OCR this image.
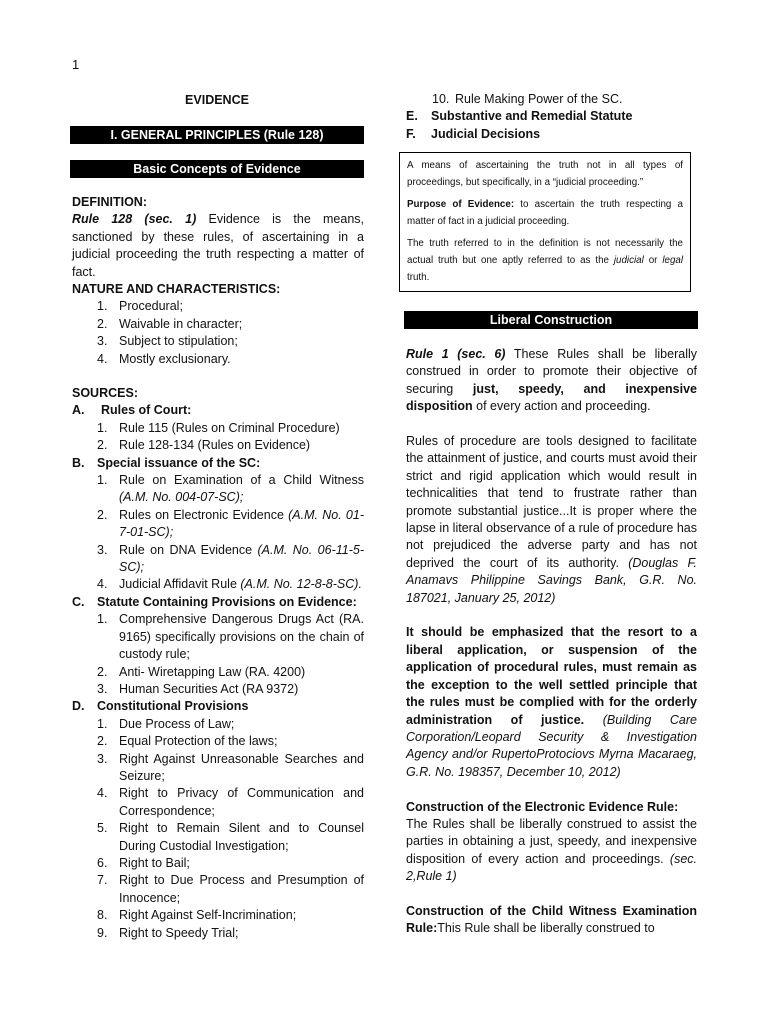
1
EVIDENCE
I. GENERAL PRINCIPLES (Rule 128)
Basic Concepts of Evidence
DEFINITION:

Rule 128 (sec. 1) Evidence is the means, sanctioned by these rules, of ascertaining in a judicial proceeding the truth respecting a matter of fact.

NATURE AND CHARACTERISTICS:
1. Procedural;
2. Waivable in character;
3. Subject to stipulation;
4. Mostly exclusionary.
SOURCES:
A. Rules of Court:
1. Rule 115 (Rules on Criminal Procedure)
2. Rule 128-134 (Rules on Evidence)
B. Special issuance of the SC:
1. Rule on Examination of a Child Witness (A.M. No. 004-07-SC);
2. Rules on Electronic Evidence (A.M. No. 01-7-01-SC);
3. Rule on DNA Evidence (A.M. No. 06-11-5-SC);
4. Judicial Affidavit Rule (A.M. No. 12-8-8-SC).
C. Statute Containing Provisions on Evidence:
1. Comprehensive Dangerous Drugs Act (RA. 9165) specifically provisions on the chain of custody rule;
2. Anti- Wiretapping Law (RA. 4200)
3. Human Securities Act (RA 9372)
D. Constitutional Provisions
1. Due Process of Law;
2. Equal Protection of the laws;
3. Right Against Unreasonable Searches and Seizure;
4. Right to Privacy of Communication and Correspondence;
5. Right to Remain Silent and to Counsel During Custodial Investigation;
6. Right to Bail;
7. Right to Due Process and Presumption of Innocence;
8. Right Against Self-Incrimination;
9. Right to Speedy Trial;
10. Rule Making Power of the SC.
E. Substantive and Remedial Statute
F. Judicial Decisions

A means of ascertaining the truth not in all types of proceedings, but specifically, in a “judicial proceeding.”

Purpose of Evidence: to ascertain the truth respecting a matter of fact in a judicial proceeding.

The truth referred to in the definition is not necessarily the actual truth but one aptly referred to as the judicial or legal truth.

Liberal Construction

Rule 1 (sec. 6) These Rules shall be liberally construed in order to promote their objective of securing just, speedy, and inexpensive disposition of every action and proceeding.

Rules of procedure are tools designed to facilitate the attainment of justice, and courts must avoid their strict and rigid application which would result in technicalities that tend to frustrate rather than promote substantial justice...It is proper where the lapse in literal observance of a rule of procedure has not prejudiced the adverse party and has not deprived the court of its authority. (Douglas F. Anamavs Philippine Savings Bank, G.R. No. 187021, January 25, 2012)

It should be emphasized that the resort to a liberal application, or suspension of the application of procedural rules, must remain as the exception to the well settled principle that the rules must be complied with for the orderly administration of justice. (Building Care Corporation/Leopard Security & Investigation Agency and/or RupertoProtociovs Myrna Macaraeg, G.R. No. 198357, December 10, 2012)

Construction of the Electronic Evidence Rule:
The Rules shall be liberally construed to assist the parties in obtaining a just, speedy, and inexpensive disposition of every action and proceedings. (sec. 2,Rule 1)

Construction of the Child Witness Examination Rule:This Rule shall be liberally construed to
